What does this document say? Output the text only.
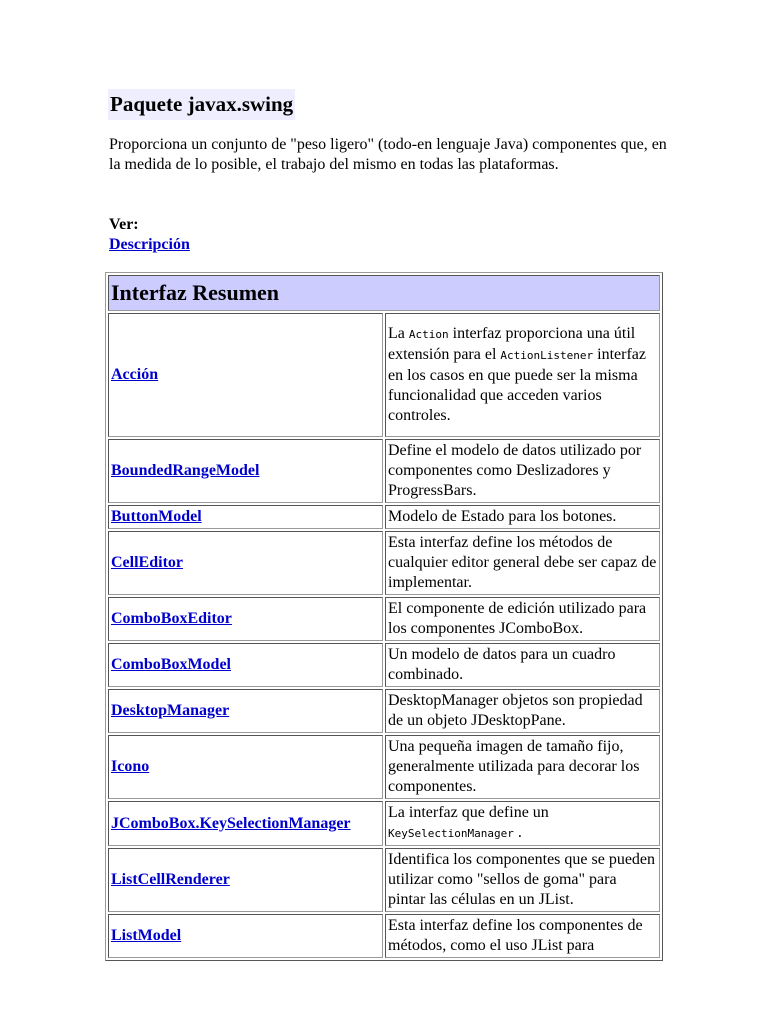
Paquete javax.swing

Proporciona un conjunto de "peso ligero" (todo-en lenguaje Java) componentes que, en la medida de lo posible, el trabajo del mismo en todas las plataformas.

Ver:
Descripción
Interfaz Resumen	
Acción	La Action interfaz proporciona una útil extensión para el ActionListener interfaz en los casos en que puede ser la misma funcionalidad que acceden varios controles.
BoundedRangeModel	Define el modelo de datos utilizado por componentes como Deslizadores y ProgressBars.
ButtonModel	Modelo de Estado para los botones.
CellEditor	Esta interfaz define los métodos de cualquier editor general debe ser capaz de implementar.
ComboBoxEditor	El componente de edición utilizado para los componentes JComboBox.
ComboBoxModel	Un modelo de datos para un cuadro combinado.
DesktopManager	DesktopManager objetos son propiedad de un objeto JDesktopPane.
Icono	Una pequeña imagen de tamaño fijo, generalmente utilizada para decorar los componentes.
JComboBox.KeySelectionManager	La interfaz que define un KeySelectionManager .
ListCellRenderer	Identifica los componentes que se pueden utilizar como "sellos de goma" para pintar las células en un JList.
ListModel	Esta interfaz define los componentes de métodos, como el uso JList para
